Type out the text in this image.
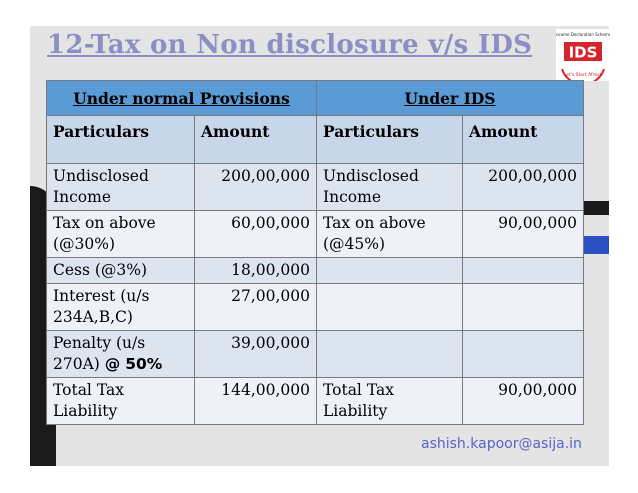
12-Tax on Non disclosure v/s IDS IDS
Income Declaration Scheme
Let's Start Afresh
Under normal Provisions		Under IDS	
Particulars	Amount	Particulars	Amount
Undisclosed Income	200,00,000	Undisclosed Income	200,00,000
Tax on above (@30%)	60,00,000	Tax on above (@45%)	90,00,000
Cess (@3%)	18,00,000		
Interest (u/s 234A,B,C)	27,00,000		
Penalty (u/s 270A) @ 50%	39,00,000		
Total Tax Liability	144,00,000	Total Tax Liability	90,00,000
ashish.kapoor@asija.in
